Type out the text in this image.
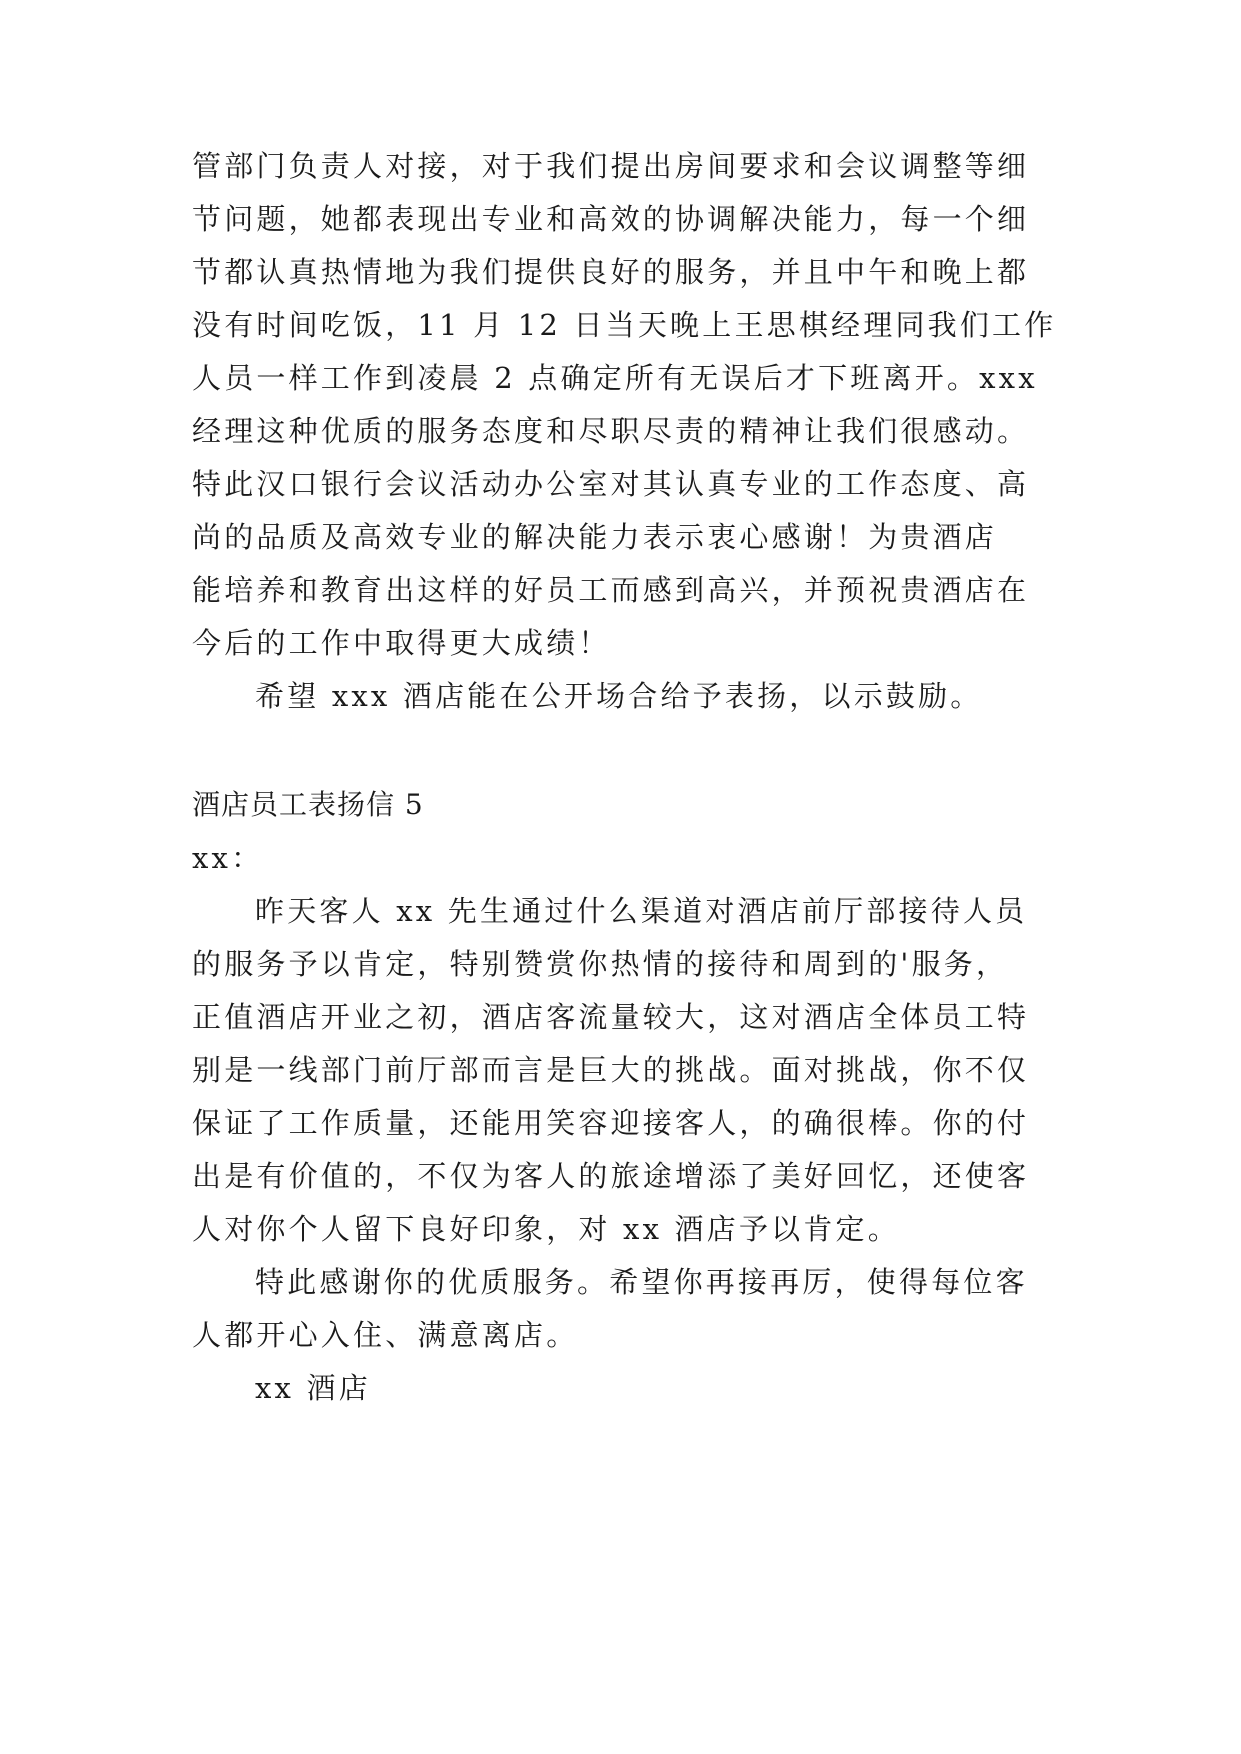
管部门负责人对接，对于我们提出房间要求和会议调整等细
节问题，她都表现出专业和高效的协调解决能力，每一个细
节都认真热情地为我们提供良好的服务，并且中午和晚上都
没有时间吃饭，11 月 12 日当天晚上王思棋经理同我们工作
人员一样工作到凌晨 2 点确定所有无误后才下班离开。xxx
经理这种优质的服务态度和尽职尽责的精神让我们很感动。
特此汉口银行会议活动办公室对其认真专业的工作态度、高
尚的品质及高效专业的解决能力表示衷心感谢！为贵酒店
能培养和教育出这样的好员工而感到高兴，并预祝贵酒店在
今后的工作中取得更大成绩！
希望 xxx 酒店能在公开场合给予表扬，以示鼓励。
酒店员工表扬信 5
xx：
昨天客人 xx 先生通过什么渠道对酒店前厅部接待人员
的服务予以肯定，特别赞赏你热情的接待和周到的'服务，
正值酒店开业之初，酒店客流量较大，这对酒店全体员工特
别是一线部门前厅部而言是巨大的挑战。面对挑战，你不仅
保证了工作质量，还能用笑容迎接客人，的确很棒。你的付
出是有价值的，不仅为客人的旅途增添了美好回忆，还使客
人对你个人留下良好印象，对 xx 酒店予以肯定。
特此感谢你的优质服务。希望你再接再厉，使得每位客
人都开心入住、满意离店。
xx 酒店
